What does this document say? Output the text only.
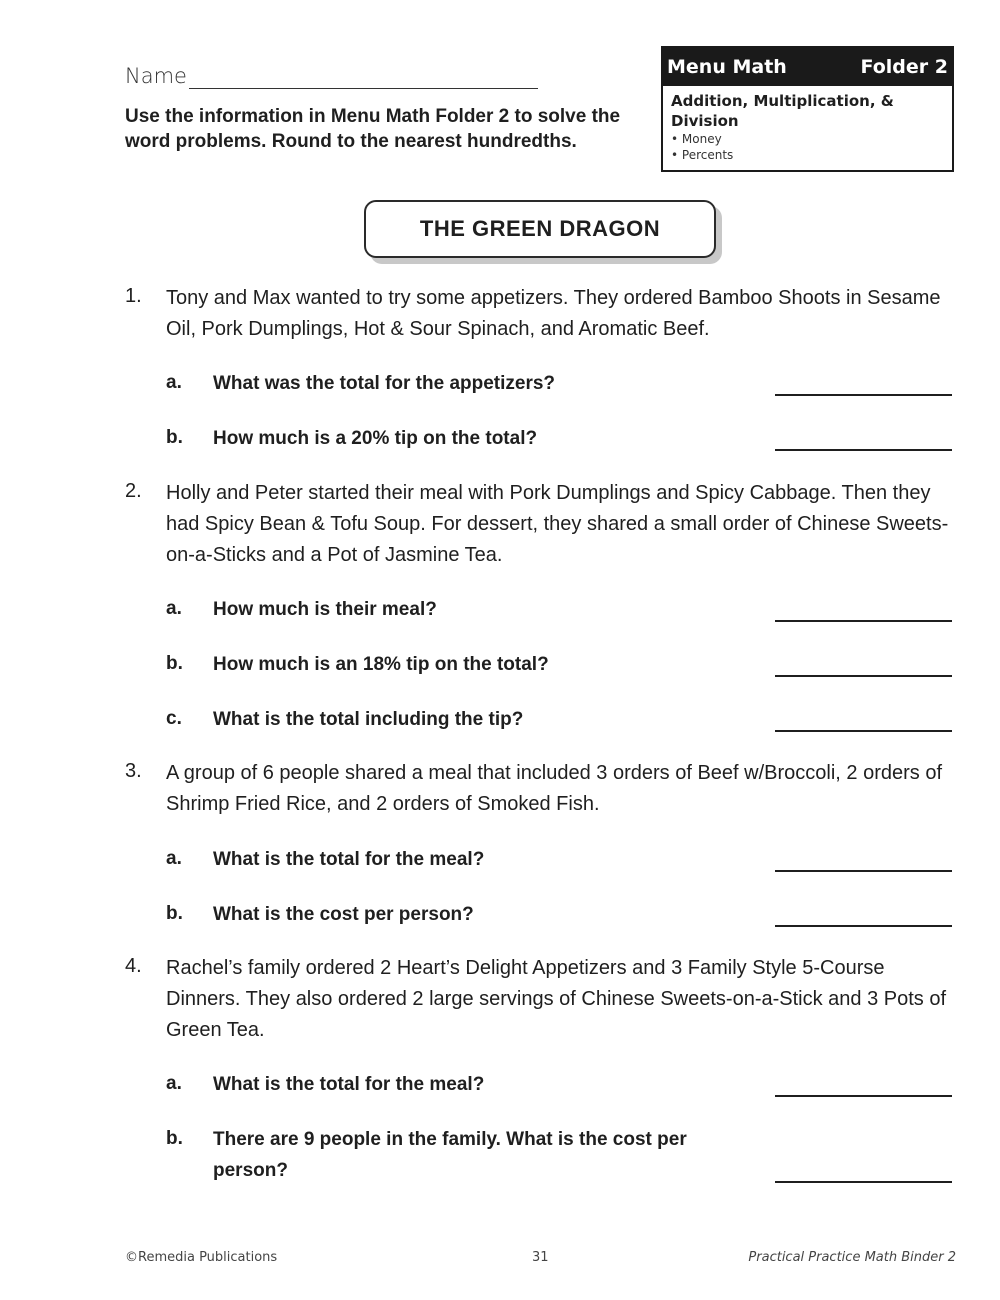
Name
Use the information in Menu Math Folder 2 to solve the word problems. Round to the nearest hundredths.
Menu Math	Folder 2
Addition, Multiplication, & Division
• Money
• Percents
THE GREEN DRAGON
1. Tony and Max wanted to try some appetizers. They ordered Bamboo Shoots in Sesame Oil, Pork Dumplings, Hot & Sour Spinach, and Aromatic Beef.
a. What was the total for the appetizers?
b. How much is a 20% tip on the total?
2. Holly and Peter started their meal with Pork Dumplings and Spicy Cabbage. Then they had Spicy Bean & Tofu Soup. For dessert, they shared a small order of Chinese Sweets-on-a-Sticks and a Pot of Jasmine Tea.
a. How much is their meal?
b. How much is an 18% tip on the total?
c. What is the total including the tip?
3. A group of 6 people shared a meal that included 3 orders of Beef w/Broccoli, 2 orders of Shrimp Fried Rice, and 2 orders of Smoked Fish.
a. What is the total for the meal?
b. What is the cost per person?
4. Rachel’s family ordered 2 Heart’s Delight Appetizers and 3 Family Style 5-Course Dinners. They also ordered 2 large servings of Chinese Sweets-on-a-Stick and 3 Pots of Green Tea.
a. What is the total for the meal?
b. There are 9 people in the family. What is the cost per person?
©Remedia Publications	31	Practical Practice Math Binder 2
